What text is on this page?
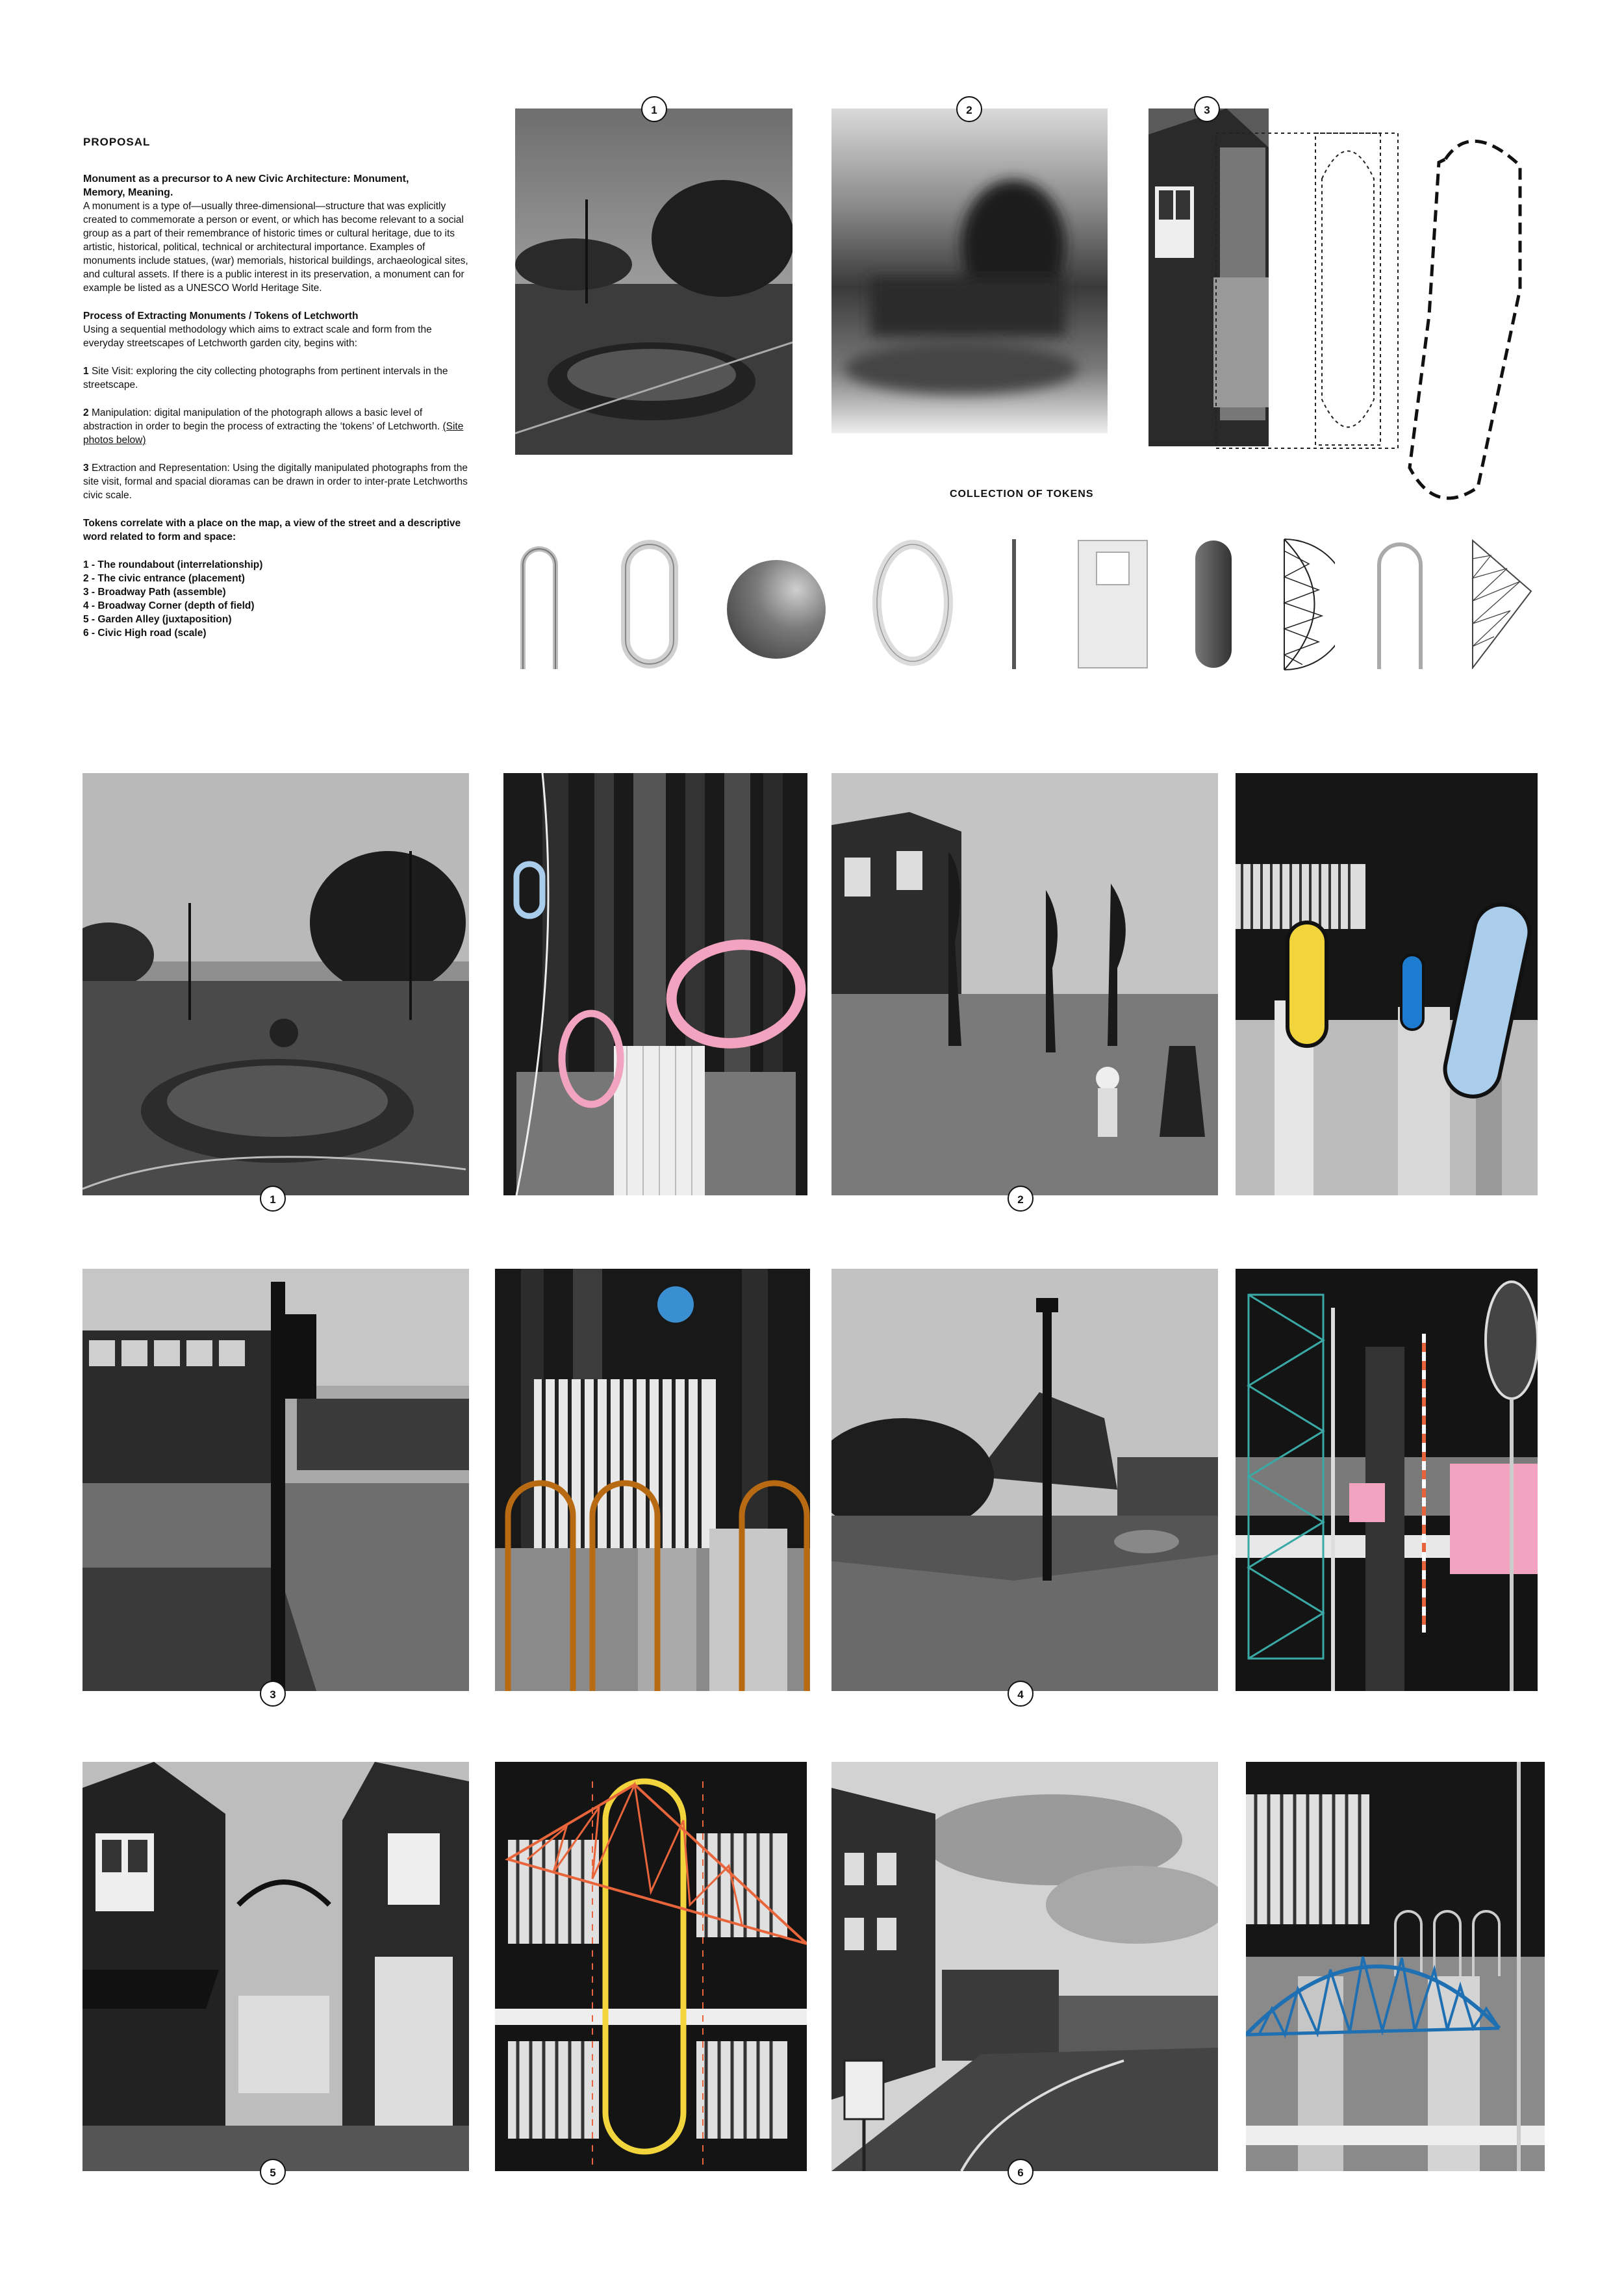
PROPOSAL

Monument as a precursor to A new Civic Architecture: Monument,
Memory, Meaning.

A monument is a type of—usually three-dimensional—structure that was explicitly created to commemorate a person or event, or which has become relevant to a social group as a part of their remembrance of historic times or cultural heritage, due to its artistic, historical, political, technical or architectural importance. Examples of monuments include statues, (war) memorials, historical buildings, archaeological sites, and cultural assets. If there is a public interest in its preservation, a monument can for example be listed as a UNESCO World Heritage Site.

Process of Extracting Monuments / Tokens of Letchworth

Using a sequential methodology which aims to extract scale and form from the everyday streetscapes of Letchworth garden city, begins with:

1 Site Visit: exploring the city collecting photographs from pertinent intervals in the streetscape.

2 Manipulation: digital manipulation of the photograph allows a basic level of abstraction in order to begin the process of extracting the ‘tokens’ of Letchworth. (Site photos below)

3 Extraction and Representation: Using the digitally manipulated photographs from the site visit, formal and spacial dioramas can be drawn in order to inter-prate Letchworths civic scale.

Tokens correlate with a place on the map, a view of the street and a descriptive word related to form and space:
1 - The roundabout (interrelationship)
2 - The civic entrance (placement)
3 - Broadway Path (assemble)
4 - Broadway Corner (depth of field)
5 - Garden Alley (juxtaposition)
6 - Civic High road (scale)
1	2	3
COLLECTION OF TOKENS
1	2
3	4
5	6
